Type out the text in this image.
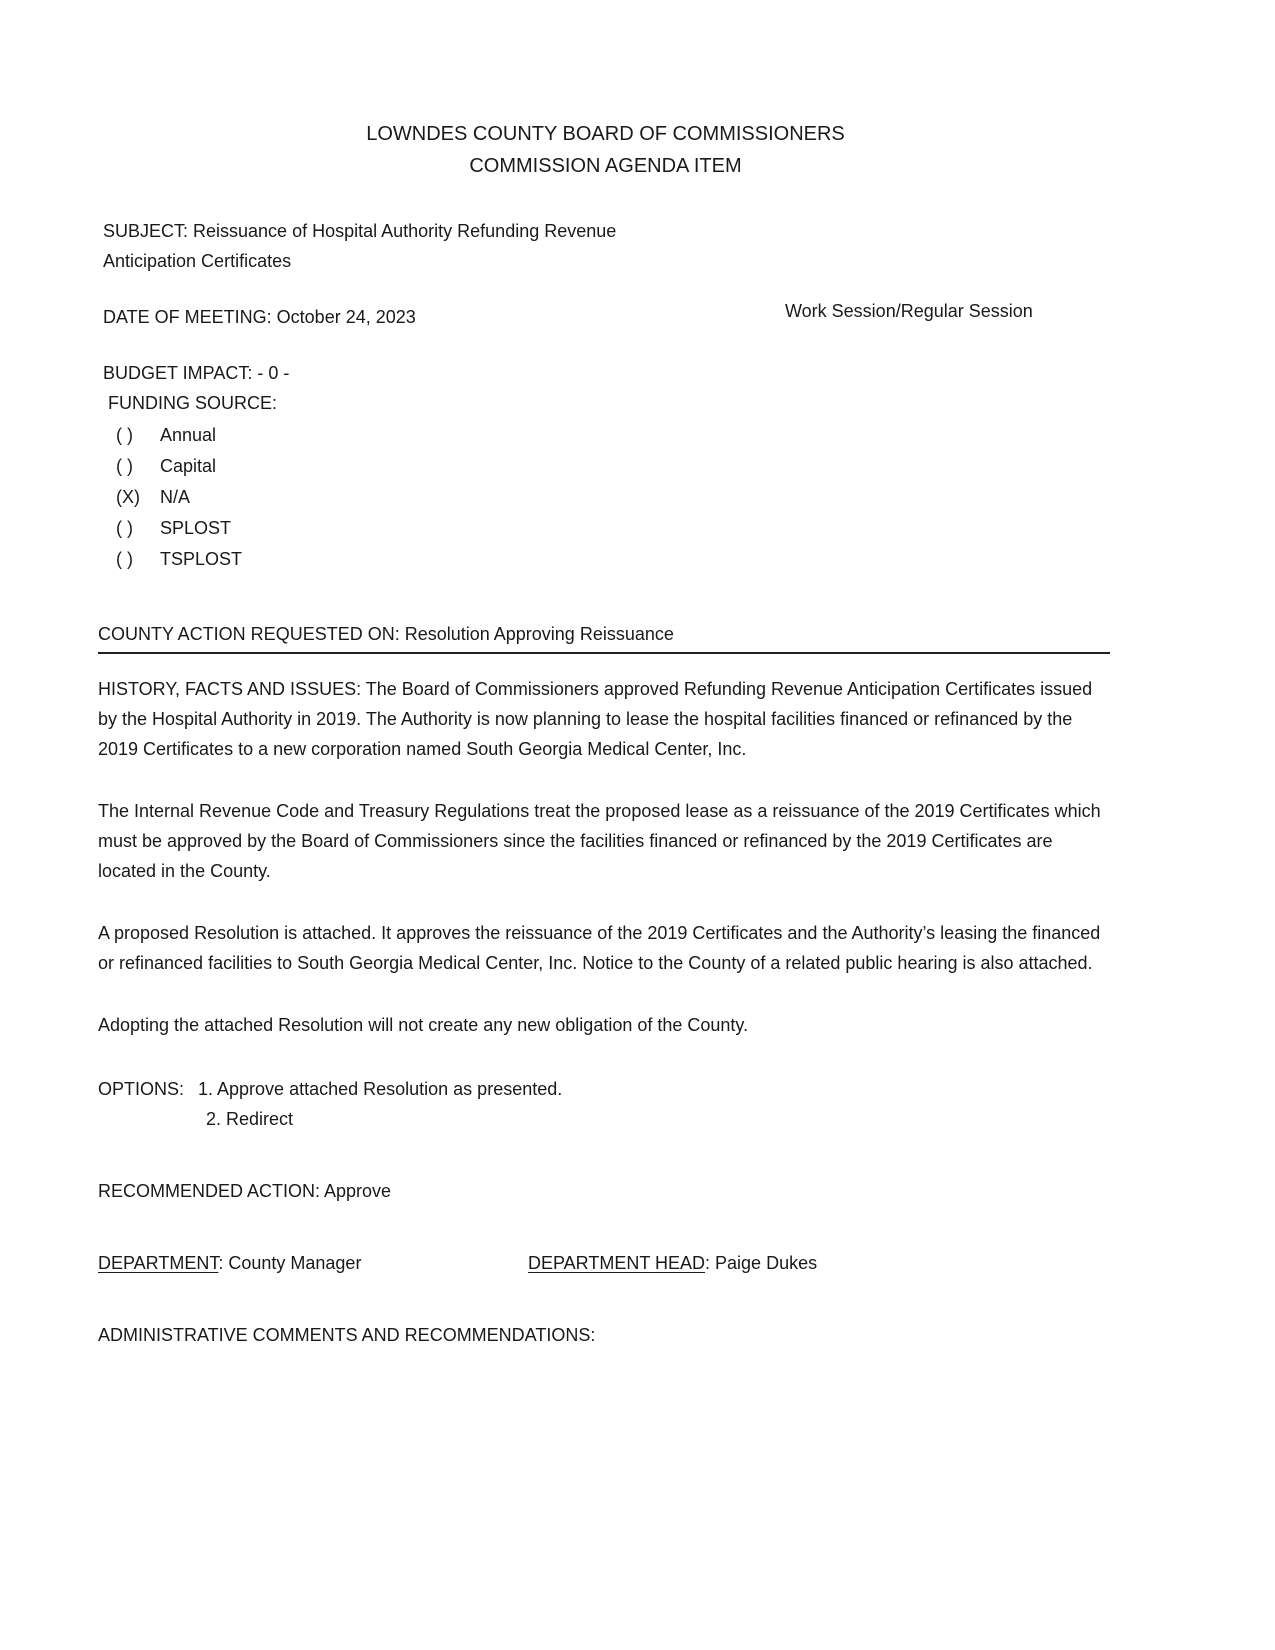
LOWNDES COUNTY BOARD OF COMMISSIONERS
COMMISSION AGENDA ITEM
SUBJECT: Reissuance of Hospital Authority Refunding Revenue Anticipation Certificates
DATE OF MEETING: October 24, 2023	Work Session/Regular Session
BUDGET IMPACT: - 0 -
FUNDING SOURCE:
( )	Annual
( )	Capital
(X)	N/A
( )	SPLOST
( )	TSPLOST
COUNTY ACTION REQUESTED ON: Resolution Approving Reissuance
HISTORY, FACTS AND ISSUES: The Board of Commissioners approved Refunding Revenue Anticipation Certificates issued by the Hospital Authority in 2019. The Authority is now planning to lease the hospital facilities financed or refinanced by the 2019 Certificates to a new corporation named South Georgia Medical Center, Inc.
The Internal Revenue Code and Treasury Regulations treat the proposed lease as a reissuance of the 2019 Certificates which must be approved by the Board of Commissioners since the facilities financed or refinanced by the 2019 Certificates are located in the County.
A proposed Resolution is attached. It approves the reissuance of the 2019 Certificates and the Authority’s leasing the financed or refinanced facilities to South Georgia Medical Center, Inc. Notice to the County of a related public hearing is also attached.
Adopting the attached Resolution will not create any new obligation of the County.
OPTIONS: 1. Approve attached Resolution as presented.
2. Redirect
RECOMMENDED ACTION: Approve
DEPARTMENT: County Manager	DEPARTMENT HEAD: Paige Dukes
ADMINISTRATIVE COMMENTS AND RECOMMENDATIONS:
